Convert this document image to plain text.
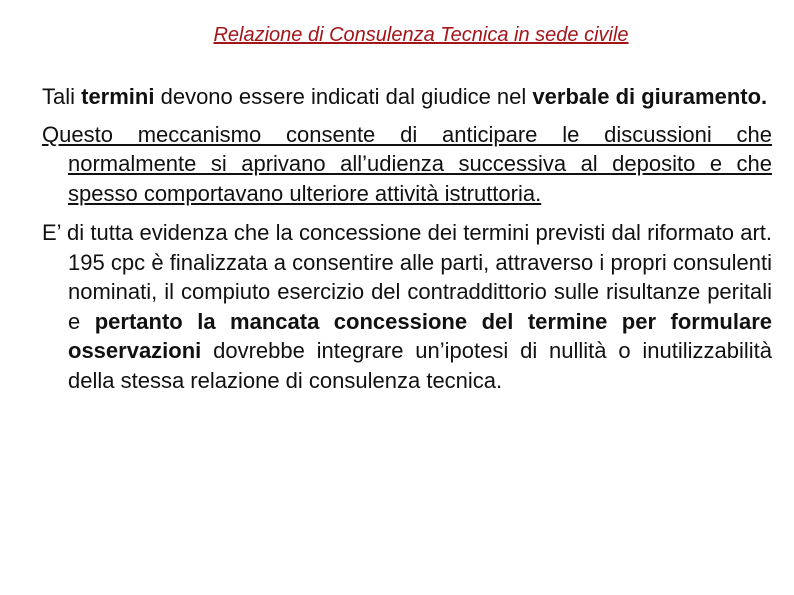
Relazione di Consulenza Tecnica in sede civile

Tali termini devono essere indicati dal giudice nel verbale di giuramento.

Questo meccanismo consente di anticipare le discussioni che normalmente si aprivano all’udienza successiva al deposito e che spesso comportavano ulteriore attività istruttoria.

E’ di tutta evidenza che la concessione dei termini previsti dal riformato art. 195 cpc è finalizzata a consentire alle parti, attraverso i propri consulenti nominati, il compiuto esercizio del contraddittorio sulle risultanze peritali e pertanto la mancata concessione del termine per formulare osservazioni dovrebbe integrare un’ipotesi di nullità o inutilizzabilità della stessa relazione di consulenza tecnica.
